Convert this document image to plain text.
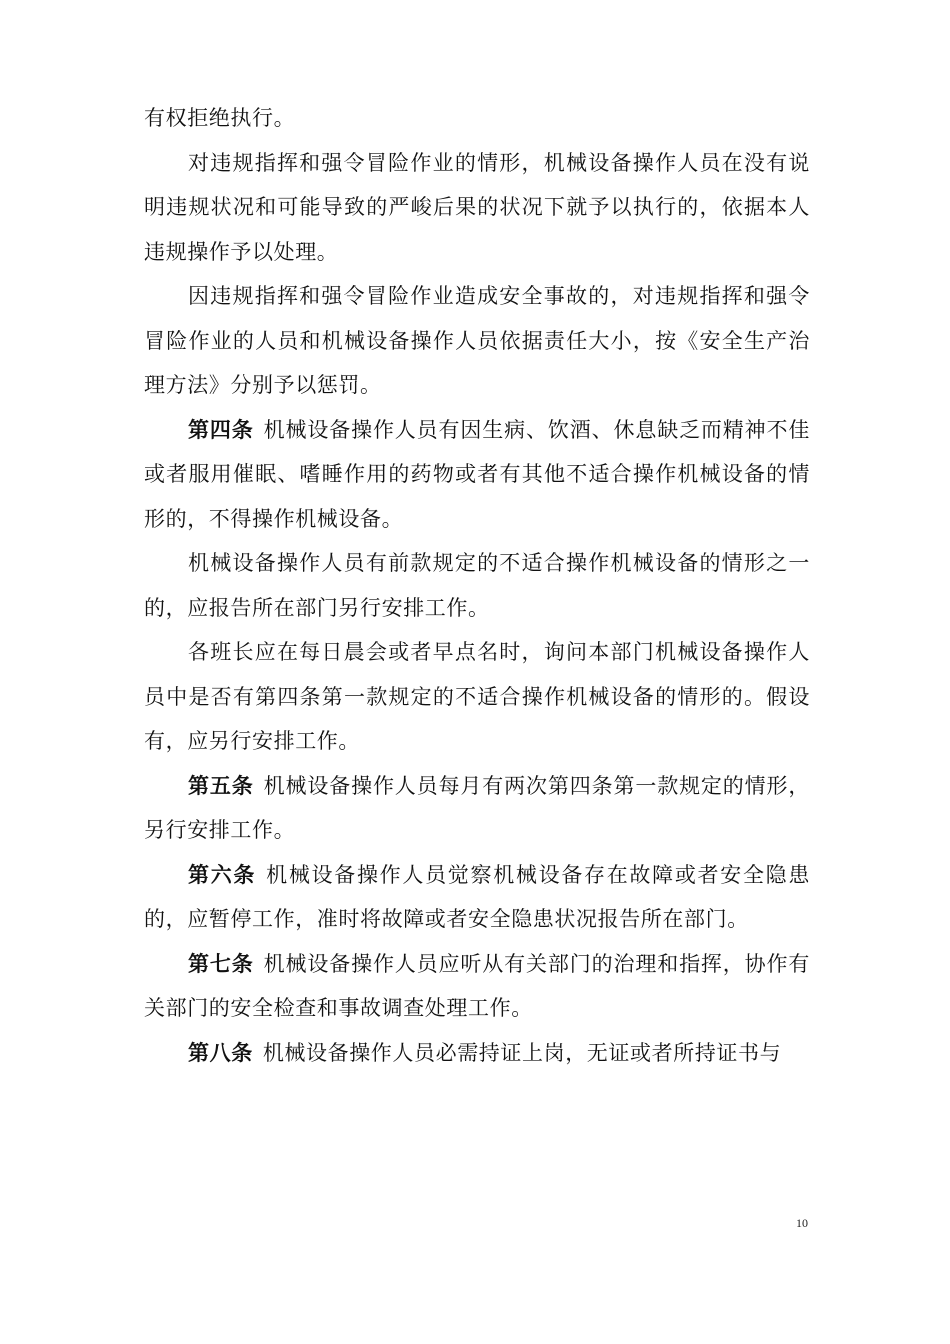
有权拒绝执行。

对违规指挥和强令冒险作业的情形，机械设备操作人员在没有说明违规状况和可能导致的严峻后果的状况下就予以执行的，依据本人违规操作予以处理。

因违规指挥和强令冒险作业造成安全事故的，对违规指挥和强令冒险作业的人员和机械设备操作人员依据责任大小，按《安全生产治理方法》分别予以惩罚。

第四条 机械设备操作人员有因生病、饮酒、休息缺乏而精神不佳或者服用催眠、嗜睡作用的药物或者有其他不适合操作机械设备的情形的，不得操作机械设备。

机械设备操作人员有前款规定的不适合操作机械设备的情形之一的，应报告所在部门另行安排工作。

各班长应在每日晨会或者早点名时，询问本部门机械设备操作人员中是否有第四条第一款规定的不适合操作机械设备的情形的。假设有，应另行安排工作。

第五条 机械设备操作人员每月有两次第四条第一款规定的情形，另行安排工作。

第六条 机械设备操作人员觉察机械设备存在故障或者安全隐患的，应暂停工作，准时将故障或者安全隐患状况报告所在部门。

第七条 机械设备操作人员应听从有关部门的治理和指挥，协作有关部门的安全检查和事故调查处理工作。

第八条 机械设备操作人员必需持证上岗，无证或者所持证书与

10
